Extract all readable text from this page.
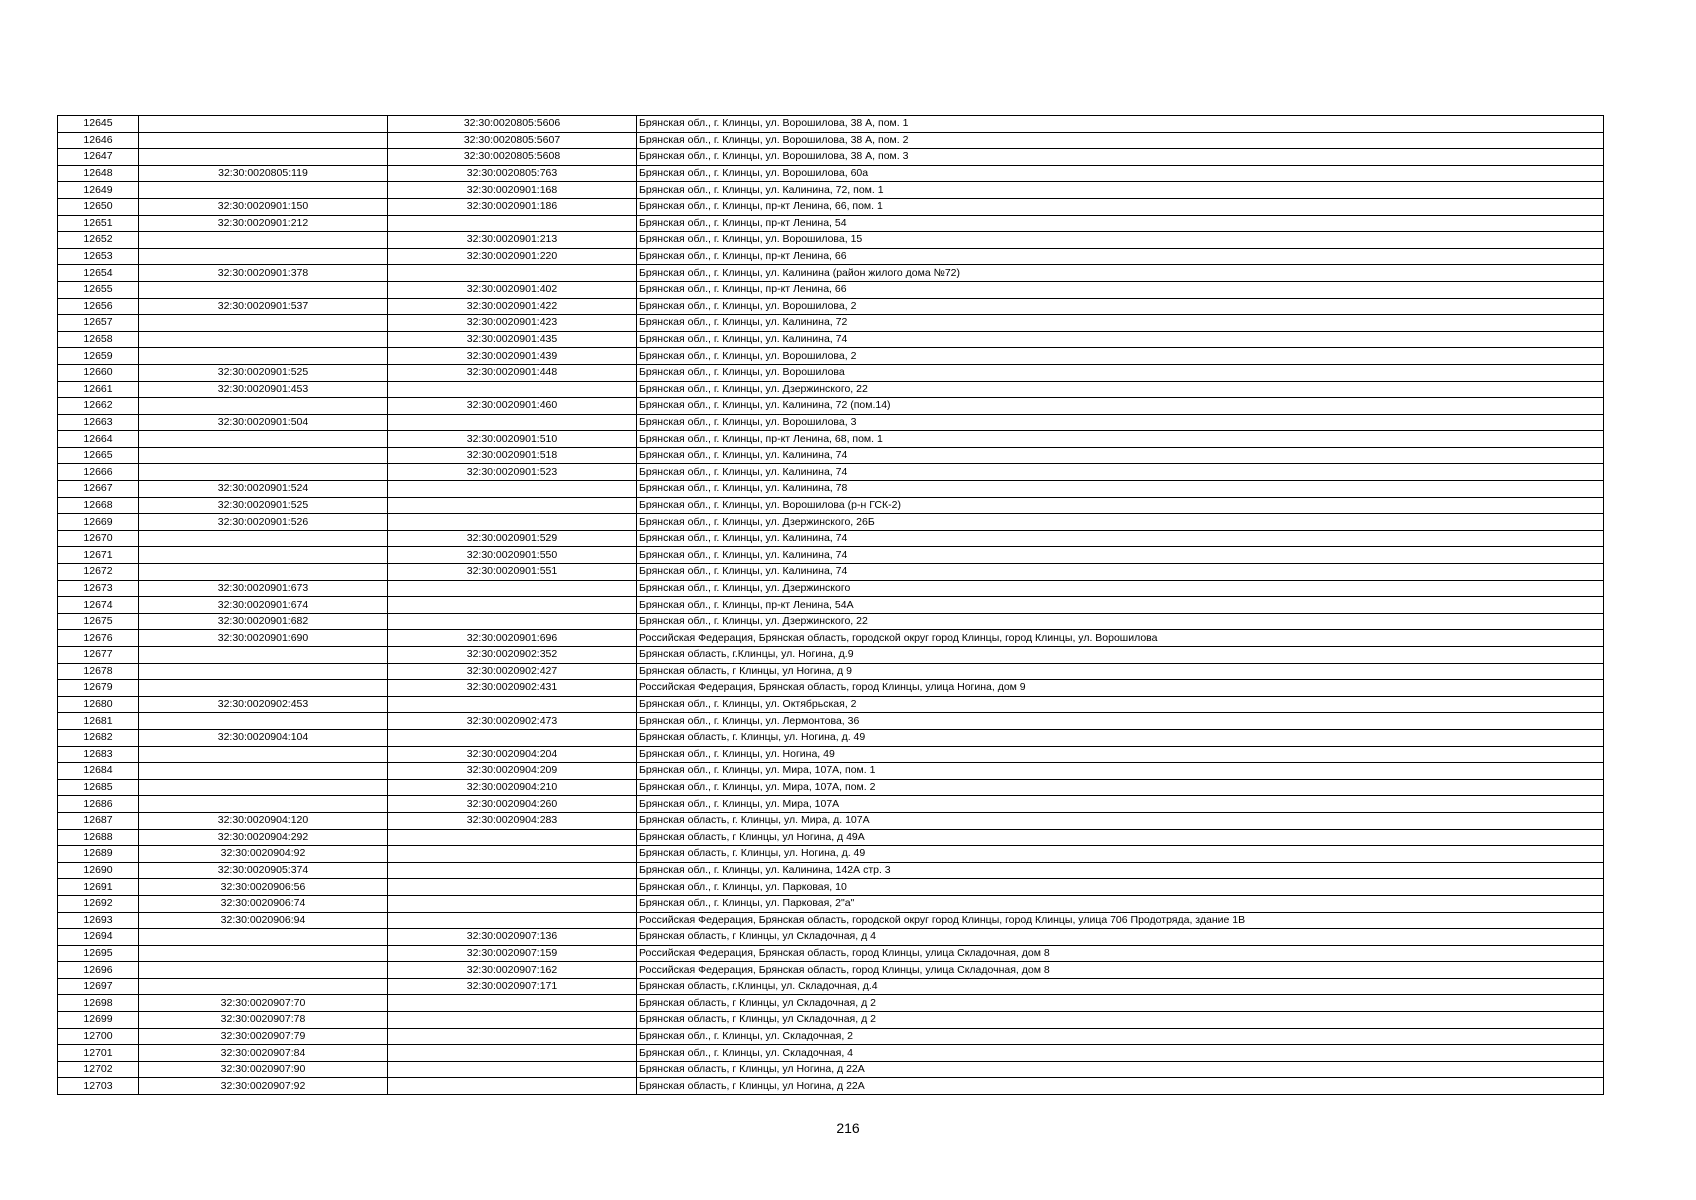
12645		32:30:0020805:5606	Брянская обл., г. Клинцы, ул. Ворошилова, 38 А, пом. 1
12646		32:30:0020805:5607	Брянская обл., г. Клинцы, ул. Ворошилова, 38 А, пом. 2
12647		32:30:0020805:5608	Брянская обл., г. Клинцы, ул. Ворошилова, 38 А, пом. 3
12648	32:30:0020805:119	32:30:0020805:763	Брянская обл., г. Клинцы, ул. Ворошилова, 60а
12649		32:30:0020901:168	Брянская обл., г. Клинцы, ул. Калинина, 72, пом. 1
12650	32:30:0020901:150	32:30:0020901:186	Брянская обл., г. Клинцы, пр-кт Ленина, 66, пом. 1
12651	32:30:0020901:212		Брянская обл., г. Клинцы, пр-кт Ленина, 54
12652		32:30:0020901:213	Брянская обл., г. Клинцы, ул. Ворошилова, 15
12653		32:30:0020901:220	Брянская обл., г. Клинцы, пр-кт Ленина, 66
12654	32:30:0020901:378		Брянская обл., г. Клинцы, ул. Калинина (район жилого дома №72)
12655		32:30:0020901:402	Брянская обл., г. Клинцы, пр-кт Ленина, 66
12656	32:30:0020901:537	32:30:0020901:422	Брянская обл., г. Клинцы, ул. Ворошилова, 2
12657		32:30:0020901:423	Брянская обл., г. Клинцы, ул. Калинина, 72
12658		32:30:0020901:435	Брянская обл., г. Клинцы, ул. Калинина, 74
12659		32:30:0020901:439	Брянская обл., г. Клинцы, ул. Ворошилова, 2
12660	32:30:0020901:525	32:30:0020901:448	Брянская обл., г. Клинцы, ул. Ворошилова
12661	32:30:0020901:453		Брянская обл., г. Клинцы, ул. Дзержинского, 22
12662		32:30:0020901:460	Брянская обл., г. Клинцы, ул. Калинина, 72 (пом.14)
12663	32:30:0020901:504		Брянская обл., г. Клинцы, ул. Ворошилова, 3
12664		32:30:0020901:510	Брянская обл., г. Клинцы, пр-кт Ленина, 68, пом. 1
12665		32:30:0020901:518	Брянская обл., г. Клинцы, ул. Калинина, 74
12666		32:30:0020901:523	Брянская обл., г. Клинцы, ул. Калинина, 74
12667	32:30:0020901:524		Брянская обл., г. Клинцы, ул. Калинина, 78
12668	32:30:0020901:525		Брянская обл., г. Клинцы, ул. Ворошилова (р-н ГСК-2)
12669	32:30:0020901:526		Брянская обл., г. Клинцы, ул. Дзержинского, 26Б
12670		32:30:0020901:529	Брянская обл., г. Клинцы, ул. Калинина, 74
12671		32:30:0020901:550	Брянская обл., г. Клинцы, ул. Калинина, 74
12672		32:30:0020901:551	Брянская обл., г. Клинцы, ул. Калинина, 74
12673	32:30:0020901:673		Брянская обл., г. Клинцы, ул. Дзержинского
12674	32:30:0020901:674		Брянская обл., г. Клинцы, пр-кт Ленина, 54А
12675	32:30:0020901:682		Брянская обл., г. Клинцы, ул. Дзержинского, 22
12676	32:30:0020901:690	32:30:0020901:696	Российская Федерация, Брянская область, городской округ город Клинцы, город Клинцы, ул. Ворошилова
12677		32:30:0020902:352	Брянская область, г.Клинцы, ул. Ногина, д.9
12678		32:30:0020902:427	Брянская область, г Клинцы, ул Ногина, д 9
12679		32:30:0020902:431	Российская Федерация, Брянская область, город Клинцы, улица Ногина, дом 9
12680	32:30:0020902:453		Брянская обл., г. Клинцы, ул. Октябрьская, 2
12681		32:30:0020902:473	Брянская обл., г. Клинцы, ул. Лермонтова, 36
12682	32:30:0020904:104		Брянская область, г. Клинцы, ул. Ногина, д. 49
12683		32:30:0020904:204	Брянская обл., г. Клинцы, ул. Ногина, 49
12684		32:30:0020904:209	Брянская обл., г. Клинцы, ул. Мира, 107А, пом. 1
12685		32:30:0020904:210	Брянская обл., г. Клинцы, ул. Мира, 107А, пом. 2
12686		32:30:0020904:260	Брянская обл., г. Клинцы, ул. Мира, 107А
12687	32:30:0020904:120	32:30:0020904:283	Брянская область, г. Клинцы, ул. Мира, д. 107А
12688	32:30:0020904:292		Брянская область, г Клинцы, ул Ногина, д 49А
12689	32:30:0020904:92		Брянская область, г. Клинцы, ул. Ногина, д. 49
12690	32:30:0020905:374		Брянская обл., г. Клинцы, ул. Калинина, 142А стр. 3
12691	32:30:0020906:56		Брянская обл., г. Клинцы, ул. Парковая, 10
12692	32:30:0020906:74		Брянская обл., г. Клинцы, ул. Парковая, 2"а"
12693	32:30:0020906:94		Российская Федерация, Брянская область, городской округ город Клинцы, город Клинцы, улица 706 Продотряда, здание 1В
12694		32:30:0020907:136	Брянская область, г Клинцы, ул Складочная, д 4
12695		32:30:0020907:159	Российская Федерация, Брянская область, город Клинцы, улица Складочная, дом 8
12696		32:30:0020907:162	Российская Федерация, Брянская область, город Клинцы, улица Складочная, дом 8
12697		32:30:0020907:171	Брянская область, г.Клинцы, ул. Складочная, д.4
12698	32:30:0020907:70		Брянская область, г Клинцы, ул Складочная, д 2
12699	32:30:0020907:78		Брянская область, г Клинцы, ул Складочная, д 2
12700	32:30:0020907:79		Брянская обл., г. Клинцы, ул. Складочная, 2
12701	32:30:0020907:84		Брянская обл., г. Клинцы, ул. Складочная, 4
12702	32:30:0020907:90		Брянская область, г Клинцы, ул Ногина, д 22А
12703	32:30:0020907:92		Брянская область, г Клинцы, ул Ногина, д 22А
216
